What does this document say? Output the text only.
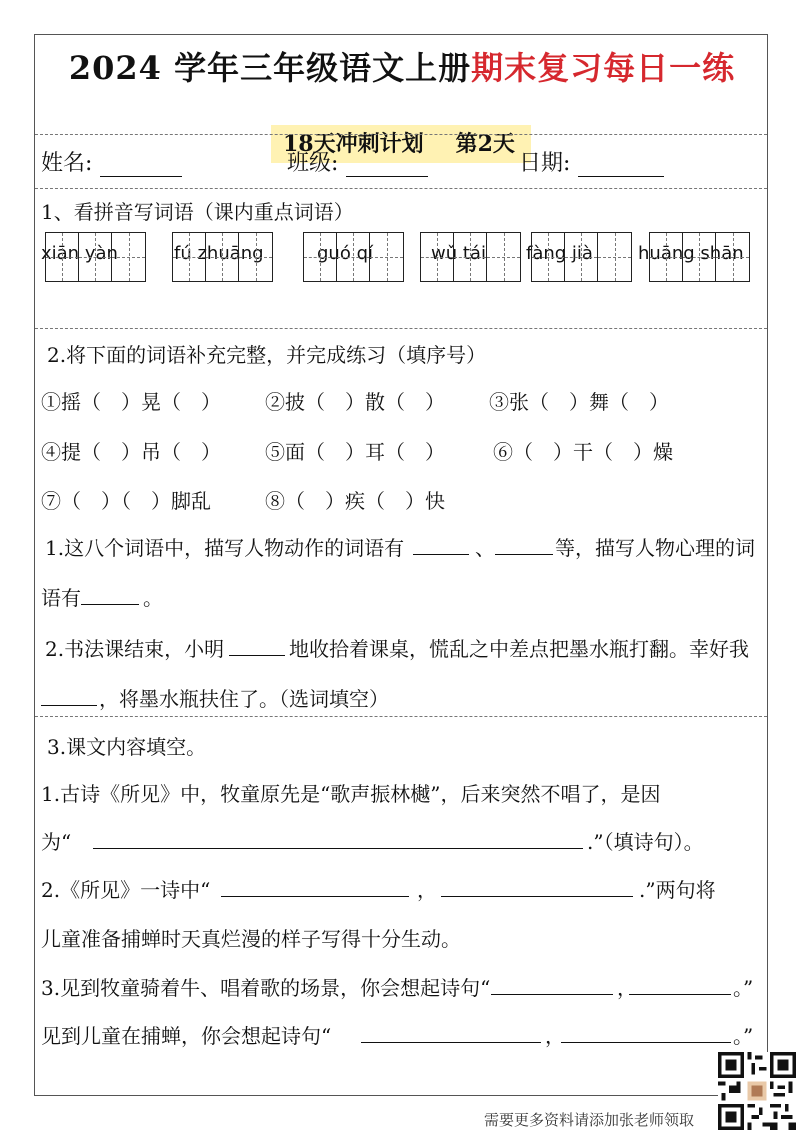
2024 学年三年级语文上册期末复习每日一练
18天冲刺计划 第2天
姓名:	班级:	日期:
1、看拼音写词语（课内重点词语）
xiān yàn	fú zhuāng	guó qí	wǔ tái fàng jià	huāng shān
2.将下面的词语补充完整，并完成练习（填序号）
①摇（　）晃（　） ②披（　）散（　） ③张（　）舞（　）
④提（　）吊（　） ⑤面（　）耳（　） ⑥（　）干（　）燥
⑦（　）（　）脚乱	⑧（　）疾（　）快
1.这八个词语中，描写人物动作的词语有	、	等，描写人物心理的词
语有	。
2.书法课结束，小明	地收拾着课桌，慌乱之中差点把墨水瓶打翻。幸好我
，将墨水瓶扶住了。（选词填空）
3.课文内容填空。
1.古诗《所见》中，牧童原先是“歌声振林樾”，后来突然不唱了，是因
为“	.”（填诗句）。
2.《所见》一诗中“	，	.”两句将
儿童准备捕蝉时天真烂漫的样子写得十分生动。
3.见到牧童骑着牛、唱着歌的场景，你会想起诗句“	，	。”
见到儿童在捕蝉，你会想起诗句“	，	。”
需要更多资料请添加张老师领取
